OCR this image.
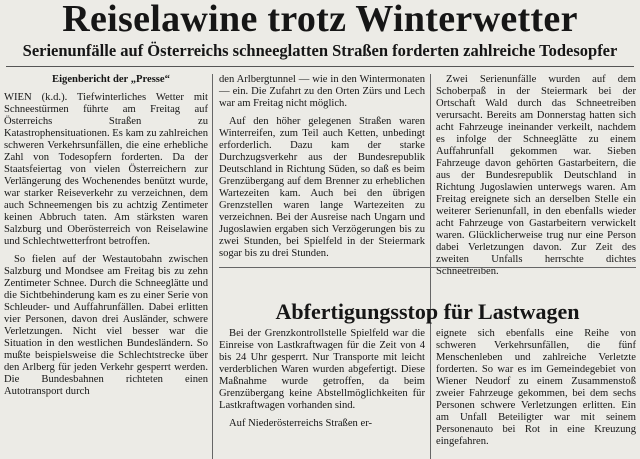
Reiselawine trotz Winterwetter
Serienunfälle auf Österreichs schneeglatten Straßen forderten zahlreiche Todesopfer

Eigenbericht der „Presse“

WIEN (k.d.). Tiefwinterliches Wetter mit Schneestürmen führte am Freitag auf Österreichs Straßen zu Katastrophensituationen. Es kam zu zahlreichen schweren Verkehrsunfällen, die eine erhebliche Zahl von Todesopfern forderten. Da der Staatsfeiertag von vielen Österreichern zur Verlängerung des Wochenendes benützt wurde, war starker Reiseverkehr zu verzeichnen, dem auch Schneemengen bis zu achtzig Zentimeter keinen Abbruch taten. Am stärksten waren Salzburg und Oberösterreich von Reiselawine und Schlechtwetterfront betroffen.

So fielen auf der Westautobahn zwischen Salzburg und Mondsee am Freitag bis zu zehn Zentimeter Schnee. Durch die Schneeglätte und die Sichtbehinderung kam es zu einer Serie von Schleuder- und Auffahrunfällen. Dabei erlitten vier Personen, davon drei Ausländer, schwere Verletzungen. Nicht viel besser war die Situation in den westlichen Bundesländern. So mußte beispielsweise die Schlechtstrecke über den Arlberg für jeden Verkehr gesperrt werden. Die Bundesbahnen richteten einen Autotransport durch

den Arlbergtunnel — wie in den Wintermonaten — ein. Die Zufahrt zu den Orten Zürs und Lech war am Freitag nicht möglich.

Auf den höher gelegenen Straßen waren Winterreifen, zum Teil auch Ketten, unbedingt erforderlich. Dazu kam der starke Durchzugsverkehr aus der Bundesrepublik Deutschland in Richtung Süden, so daß es beim Grenzübergang auf dem Brenner zu erheblichen Wartezeiten kam. Auch bei den übrigen Grenzstellen waren lange Wartezeiten zu verzeichnen. Bei der Ausreise nach Ungarn und Jugoslawien ergaben sich Verzögerungen bis zu zwei Stunden, bei Spielfeld in der Steiermark sogar bis zu drei Stunden.

Zwei Serienunfälle wurden auf dem Schoberpaß in der Steiermark bei der Ortschaft Wald durch das Schneetreiben verursacht. Bereits am Donnerstag hatten sich acht Fahrzeuge ineinander verkeilt, nachdem es infolge der Schneeglätte zu einem Auffahrunfall gekommen war. Sieben Fahrzeuge davon gehörten Gastarbeitern, die aus der Bundesrepublik Deutschland in Richtung Jugoslawien unterwegs waren. Am Freitag ereignete sich an derselben Stelle ein weiterer Serienunfall, in den ebenfalls wieder acht Fahrzeuge von Gastarbeitern verwickelt waren. Glücklicherweise trug nur eine Person dabei Verletzungen davon. Zur Zeit des zweiten Unfalls herrschte dichtes Schneetreiben.

Abfertigungsstop für Lastwagen

Bei der Grenzkontrollstelle Spielfeld war die Einreise von Lastkraftwagen für die Zeit von 4 bis 24 Uhr gesperrt. Nur Transporte mit leicht verderblichen Waren wurden abgefertigt. Diese Maßnahme wurde getroffen, da beim Grenzübergang keine Abstellmöglichkeiten für Lastkraftwagen vorhanden sind.

Auf Niederösterreichs Straßen er-

eignete sich ebenfalls eine Reihe von schweren Verkehrsunfällen, die fünf Menschenleben und zahlreiche Verletzte forderten. So war es im Gemeindegebiet von Wiener Neudorf zu einem Zusammenstoß zweier Fahrzeuge gekommen, bei dem sechs Personen schwere Verletzungen erlitten. Ein am Unfall Beteiligter war mit seinem Personenauto bei Rot in eine Kreuzung eingefahren.
